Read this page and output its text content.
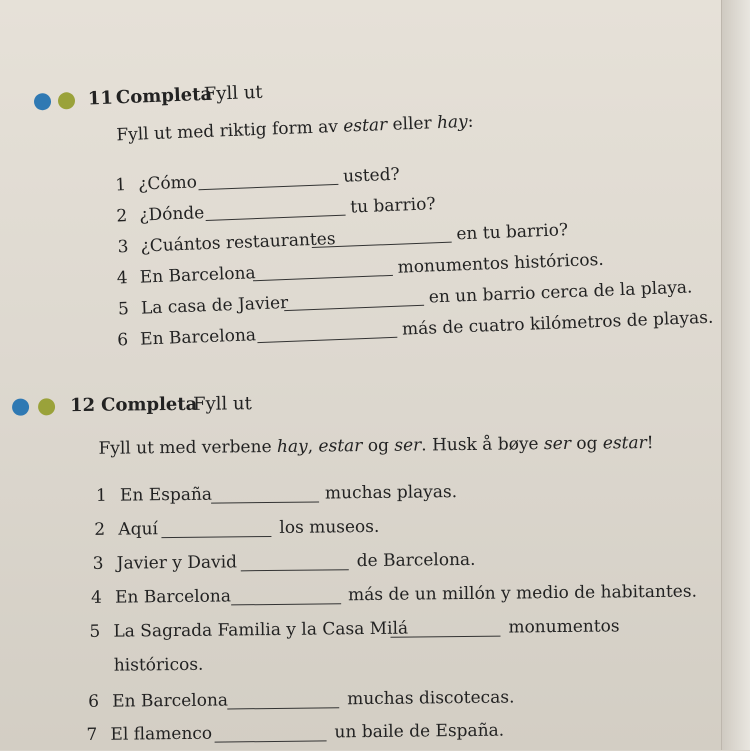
11 Completa
Fyll ut
Fyll ut med riktig form av estar eller hay:
1 ¿Cómo	usted?
2 ¿Dónde	tu barrio?
3 ¿Cuántos restaurantes	en tu barrio?
4 En Barcelona	monumentos históricos.
5 La casa de Javier	en un barrio cerca de la playa.
6 En Barcelona	más de cuatro kilómetros de playas.
12 Completa
Fyll ut
Fyll ut med verbene hay, estar og ser. Husk å bøye ser og estar!
1 En España	muchas playas.
2 Aquí	los museos.
3 Javier y David	de Barcelona.
4 En Barcelona	más de un millón y medio de habitantes.
5 La Sagrada Familia y la Casa Milá	monumentos
históricos.
6 En Barcelona	muchas discotecas.
7 El flamenco	un baile de España.
